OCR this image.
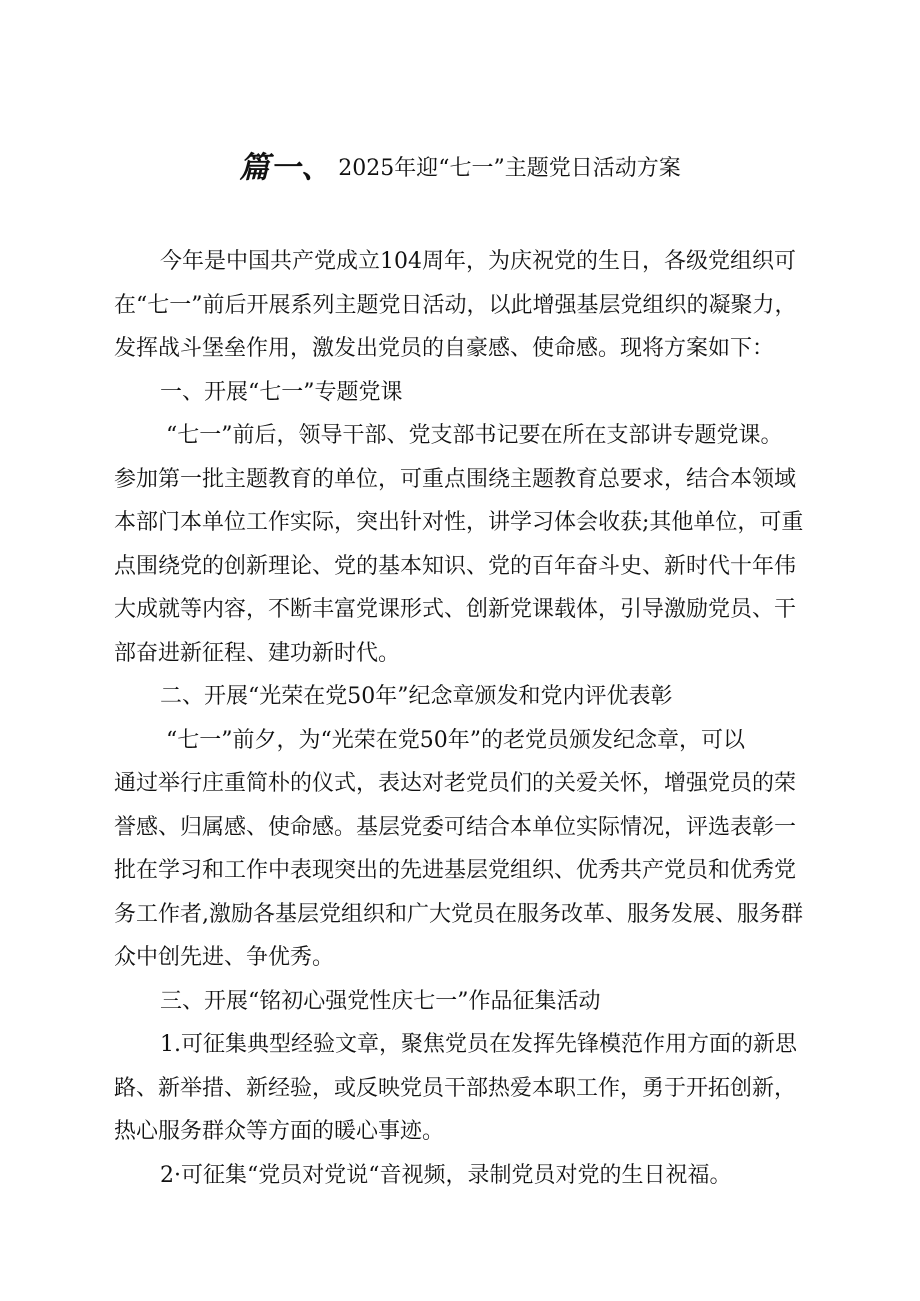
篇一、 2025年迎“七一”主题党日活动方案
今年是中国共产党成立104周年，为庆祝党的生日，各级党组织可
在“七一”前后开展系列主题党日活动，以此增强基层党组织的凝聚力，
发挥战斗堡垒作用，激发出党员的自豪感、使命感。现将方案如下：
一、开展“七一”专题党课
“七一”前后，领导干部、党支部书记要在所在支部讲专题党课。
参加第一批主题教育的单位，可重点围绕主题教育总要求，结合本领域
本部门本单位工作实际，突出针对性，讲学习体会收获;其他单位，可重
点围绕党的创新理论、党的基本知识、党的百年奋斗史、新时代十年伟
大成就等内容，不断丰富党课形式、创新党课载体，引导激励党员、干
部奋进新征程、建功新时代。
二、开展“光荣在党50年”纪念章颁发和党内评优表彰
“七一”前夕，为“光荣在党50年”的老党员颁发纪念章，可以
通过举行庄重简朴的仪式，表达对老党员们的关爱关怀，增强党员的荣
誉感、归属感、使命感。基层党委可结合本单位实际情况，评选表彰一
批在学习和工作中表现突出的先进基层党组织、优秀共产党员和优秀党
务工作者,激励各基层党组织和广大党员在服务改革、服务发展、服务群
众中创先进、争优秀。
三、开展“铭初心强党性庆七一”作品征集活动
1.可征集典型经验文章，聚焦党员在发挥先锋模范作用方面的新思
路、新举措、新经验，或反映党员干部热爱本职工作，勇于开拓创新，
热心服务群众等方面的暖心事迹。
2·可征集“党员对党说“音视频，录制党员对党的生日祝福。
